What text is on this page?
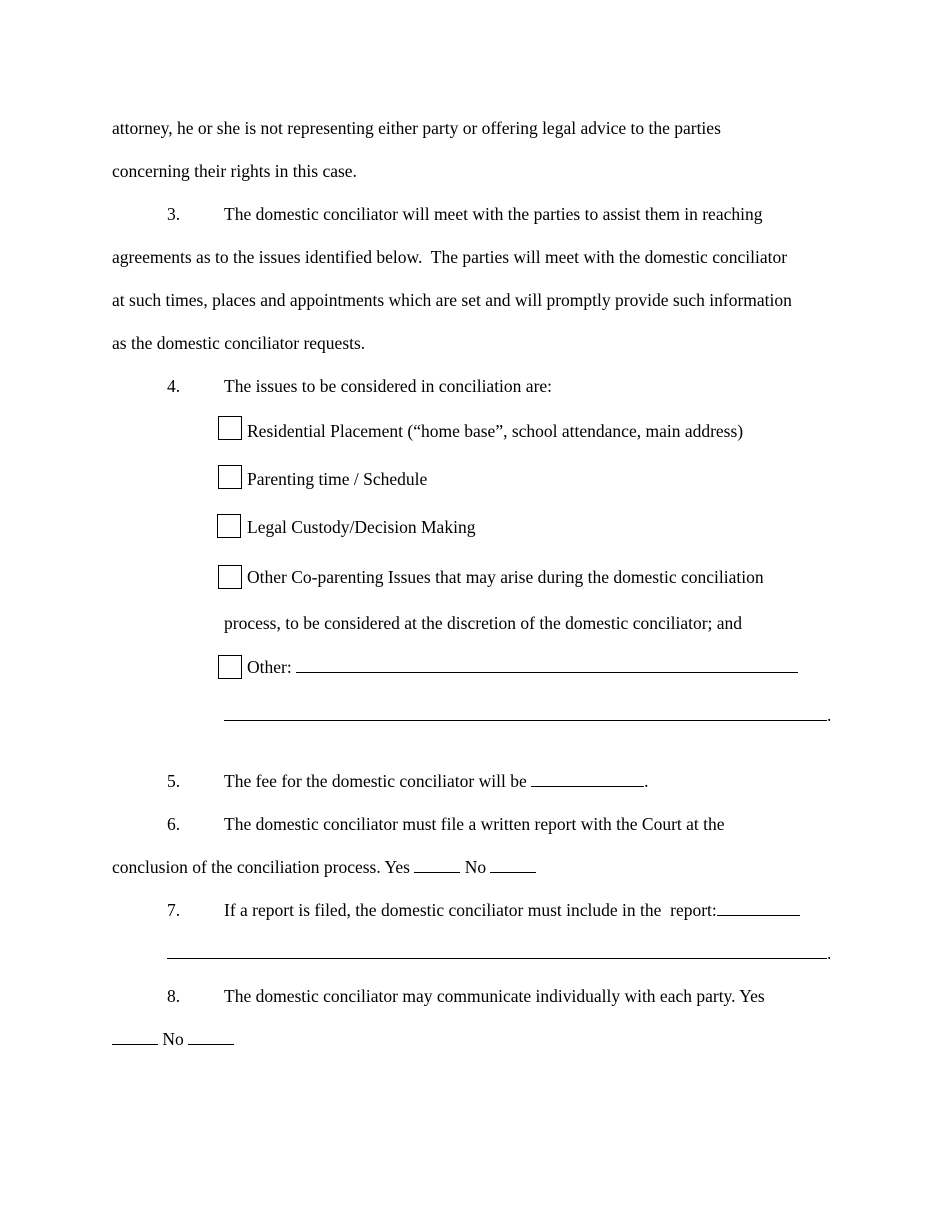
attorney, he or she is not representing either party or offering legal advice to the parties
concerning their rights in this case.
3.	The domestic conciliator will meet with the parties to assist them in reaching
agreements as to the issues identified below.  The parties will meet with the domestic conciliator
at such times, places and appointments which are set and will promptly provide such information
as the domestic conciliator requests.
4.	The issues to be considered in conciliation are:
Residential Placement (“home base”, school attendance, main address)
Parenting time / Schedule
Legal Custody/Decision Making
Other Co-parenting Issues that may arise during the domestic conciliation
process, to be considered at the discretion of the domestic conciliator; and
Other:
.
5.	The fee for the domestic conciliator will be	.
6.	The domestic conciliator must file a written report with the Court at the
conclusion of the conciliation process. Yes	No
7.	If a report is filed, the domestic conciliator must include in the  report:
.
8.	The domestic conciliator may communicate individually with each party. Yes
No
